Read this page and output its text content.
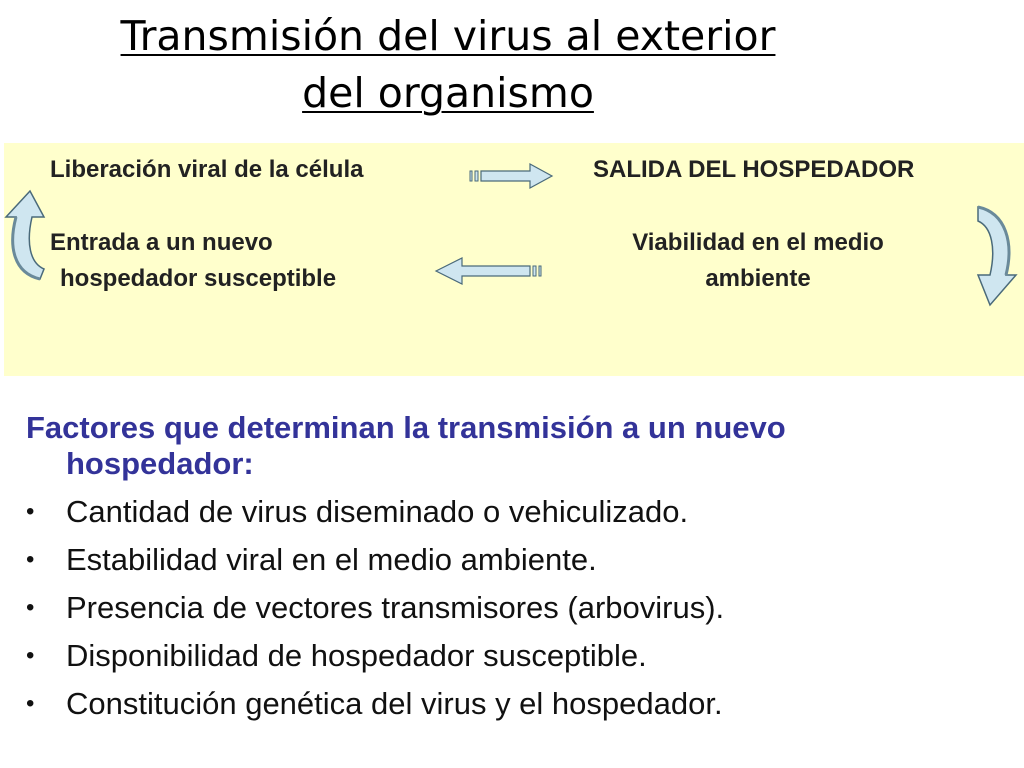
Transmisión del virus al exterior
del organismo
Liberación viral de la célula	SALIDA DEL HOSPEDADOR
Viabilidad en el medio
ambiente
Entrada a un nuevo
hospedador susceptible
Factores que determinan la transmisión a un nuevo
hospedador:
• Cantidad de virus diseminado o vehiculizado.
• Estabilidad viral en el medio ambiente.
• Presencia de vectores transmisores (arbovirus).
• Disponibilidad de hospedador susceptible.
• Constitución genética del virus y el hospedador.
